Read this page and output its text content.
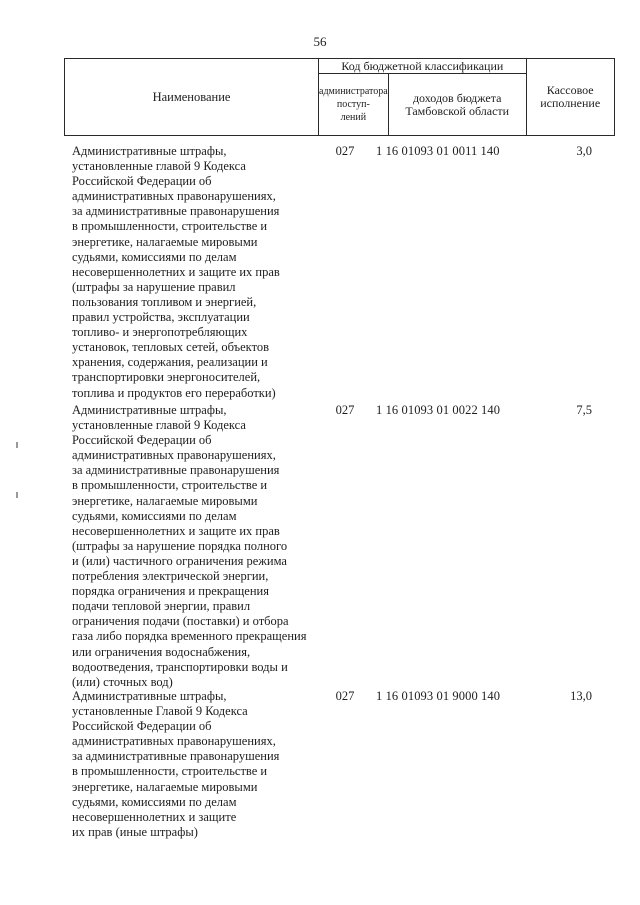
56
Наименование	Код бюджетной классификации		Кассовое
исполнение
	администратора
поступ-
лений	доходов бюджета
Тамбовской области	
Административные штрафы,
установленные главой 9 Кодекса
Российской Федерации об
административных правонарушениях,
за административные правонарушения
в промышленности, строительстве и
энергетике, налагаемые мировыми
судьями, комиссиями по делам
несовершеннолетних и защите их прав
(штрафы за нарушение правил
пользования топливом и энергией,
правил устройства, эксплуатации
топливо- и энергопотребляющих
установок, тепловых сетей, объектов
хранения, содержания, реализации и
транспортировки энергоносителей,
топлива и продуктов его переработки)
027	1 16 01093 01 0011 140	3,0
Административные штрафы,
установленные главой 9 Кодекса
Российской Федерации об
административных правонарушениях,
за административные правонарушения
в промышленности, строительстве и
энергетике, налагаемые мировыми
судьями, комиссиями по делам
несовершеннолетних и защите их прав
(штрафы за нарушение порядка полного
и (или) частичного ограничения режима
потребления электрической энергии,
порядка ограничения и прекращения
подачи тепловой энергии, правил
ограничения подачи (поставки) и отбора
газа либо порядка временного прекращения
или ограничения водоснабжения,
водоотведения, транспортировки воды и
(или) сточных вод)
027	1 16 01093 01 0022 140	7,5
Административные штрафы,
установленные Главой 9 Кодекса
Российской Федерации об
административных правонарушениях,
за административные правонарушения
в промышленности, строительстве и
энергетике, налагаемые мировыми
судьями, комиссиями по делам
несовершеннолетних и защите
их прав (иные штрафы)
027	1 16 01093 01 9000 140	13,0
